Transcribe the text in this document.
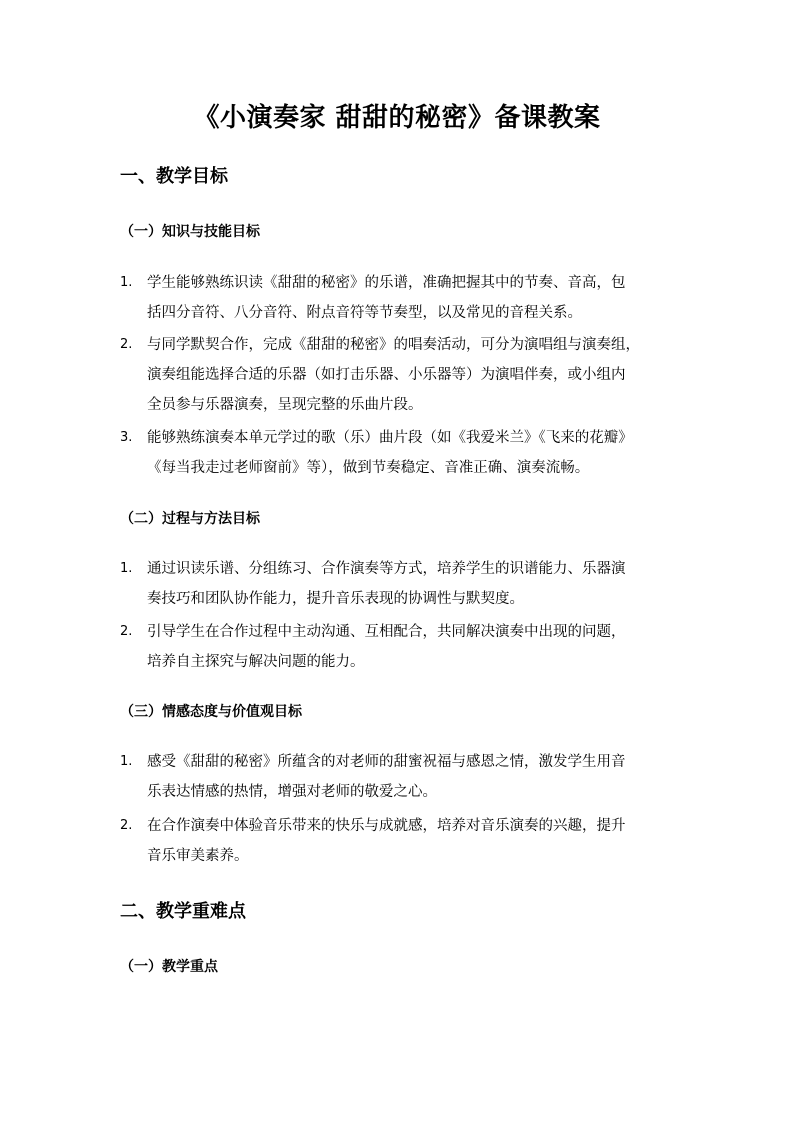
《小演奏家 甜甜的秘密》备课教案
一、教学目标
（一）知识与技能目标
1.	学生能够熟练识读《甜甜的秘密》的乐谱，准确把握其中的节奏、音高，包
括四分音符、八分音符、附点音符等节奏型，以及常见的音程关系。
2.	与同学默契合作，完成《甜甜的秘密》的唱奏活动，可分为演唱组与演奏组，
演奏组能选择合适的乐器（如打击乐器、小乐器等）为演唱伴奏，或小组内
全员参与乐器演奏，呈现完整的乐曲片段。
3.	能够熟练演奏本单元学过的歌（乐）曲片段（如《我爱米兰》《飞来的花瓣》
《每当我走过老师窗前》等），做到节奏稳定、音准正确、演奏流畅。
（二）过程与方法目标
1.	通过识读乐谱、分组练习、合作演奏等方式，培养学生的识谱能力、乐器演
奏技巧和团队协作能力，提升音乐表现的协调性与默契度。
2.	引导学生在合作过程中主动沟通、互相配合，共同解决演奏中出现的问题，
培养自主探究与解决问题的能力。
（三）情感态度与价值观目标
1.	感受《甜甜的秘密》所蕴含的对老师的甜蜜祝福与感恩之情，激发学生用音
乐表达情感的热情，增强对老师的敬爱之心。
2.	在合作演奏中体验音乐带来的快乐与成就感，培养对音乐演奏的兴趣，提升
音乐审美素养。
二、教学重难点
（一）教学重点
